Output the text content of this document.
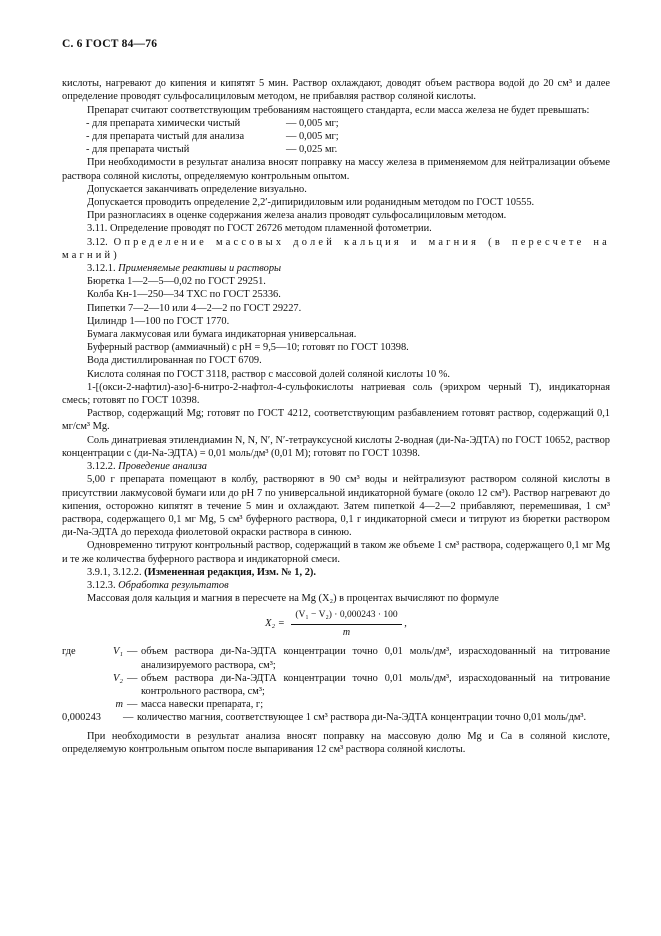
С. 6 ГОСТ 84—76

кислоты, нагревают до кипения и кипятят 5 мин. Раствор охлаждают, доводят объем раствора водой до 20 см³ и далее определение проводят сульфосалициловым методом, не прибавляя раствор соляной кислоты.

Препарат считают соответствующим требованиям настоящего стандарта, если масса железа не будет превышать:

- для препарата химически чистый	— 0,005 мг;
- для препарата чистый для анализа	— 0,005 мг;
- для препарата чистый	— 0,025 мг.

При необходимости в результат анализа вносят поправку на массу железа в применяемом для нейтрализации объеме раствора соляной кислоты, определяемую контрольным опытом.

Допускается заканчивать определение визуально.

Допускается проводить определение 2,2′-дипиридиловым или роданидным методом по ГОСТ 10555.

При разногласиях в оценке содержания железа анализ проводят сульфосалициловым методом.

3.11. Определение проводят по ГОСТ 26726 методом пламенной фотометрии.

3.12. Определение массовых долей кальция и магния (в пересчете на магний)

3.12.1. Применяемые реактивы и растворы

Бюретка 1—2—5—0,02 по ГОСТ 29251.

Колба Кн-1—250—34 ТХС по ГОСТ 25336.

Пипетки 7—2—10 или 4—2—2 по ГОСТ 29227.

Цилиндр 1—100 по ГОСТ 1770.

Бумага лакмусовая или бумага индикаторная универсальная.

Буферный раствор (аммиачный) с pH = 9,5—10; готовят по ГОСТ 10398.

Вода дистиллированная по ГОСТ 6709.

Кислота соляная по ГОСТ 3118, раствор с массовой долей соляной кислоты 10 %.

1-[(окси-2-нафтил)-азо]-6-нитро-2-нафтол-4-сульфокислоты натриевая соль (эрихром черный Т), индикаторная смесь; готовят по ГОСТ 10398.

Раствор, содержащий Mg; готовят по ГОСТ 4212, соответствующим разбавлением готовят раствор, содержащий 0,1 мг/см³ Mg.

Соль динатриевая этилендиамин N, N, N′, N′-тетрауксусной кислоты 2-водная (ди-Na-ЭДТА) по ГОСТ 10652, раствор концентрации c (ди-Na-ЭДТА) = 0,01 моль/дм³ (0,01 М); готовят по ГОСТ 10398.

3.12.2. Проведение анализа

5,00 г препарата помещают в колбу, растворяют в 90 см³ воды и нейтрализуют раствором соляной кислоты в присутствии лакмусовой бумаги или до pH 7 по универсальной индикаторной бумаге (около 12 см³). Раствор нагревают до кипения, осторожно кипятят в течение 5 мин и охлаждают. Затем пипеткой 4—2—2 прибавляют, перемешивая, 1 см³ раствора, содержащего 0,1 мг Mg, 5 см³ буферного раствора, 0,1 г индикаторной смеси и титруют из бюретки раствором ди-Na-ЭДТА до перехода фиолетовой окраски раствора в синюю.

Одновременно титруют контрольный раствор, содержащий в таком же объеме 1 см³ раствора, содержащего 0,1 мг Mg и те же количества буферного раствора и индикаторной смеси.

3.9.1, 3.12.2. (Измененная редакция, Изм. № 1, 2).

3.12.3. Обработка результатов

Массовая доля кальция и магния в пересчете на Mg (X₂) в процентах вычисляют по формуле

$X_2 = \frac{\text{(V₁ − V₂) · 0,000243 · 100}}{m}$ ,
где	V₁ — объем раствора ди-Na-ЭДТА концентрации точно 0,01 моль/дм³, израсходованный на титрование анализируемого раствора, см³;
V₂ — объем раствора ди-Na-ЭДТА концентрации точно 0,01 моль/дм³, израсходованный на титрование контрольного раствора, см³;
m — масса навески препарата, г;
0,000243	— количество магния, соответствующее 1 см³ раствора ди-Na-ЭДТА концентрации точно 0,01 моль/дм³.

При необходимости в результат анализа вносят поправку на массовую долю Mg и Ca в соляной кислоте, определяемую контрольным опытом после выпаривания 12 см³ раствора соляной кислоты.
